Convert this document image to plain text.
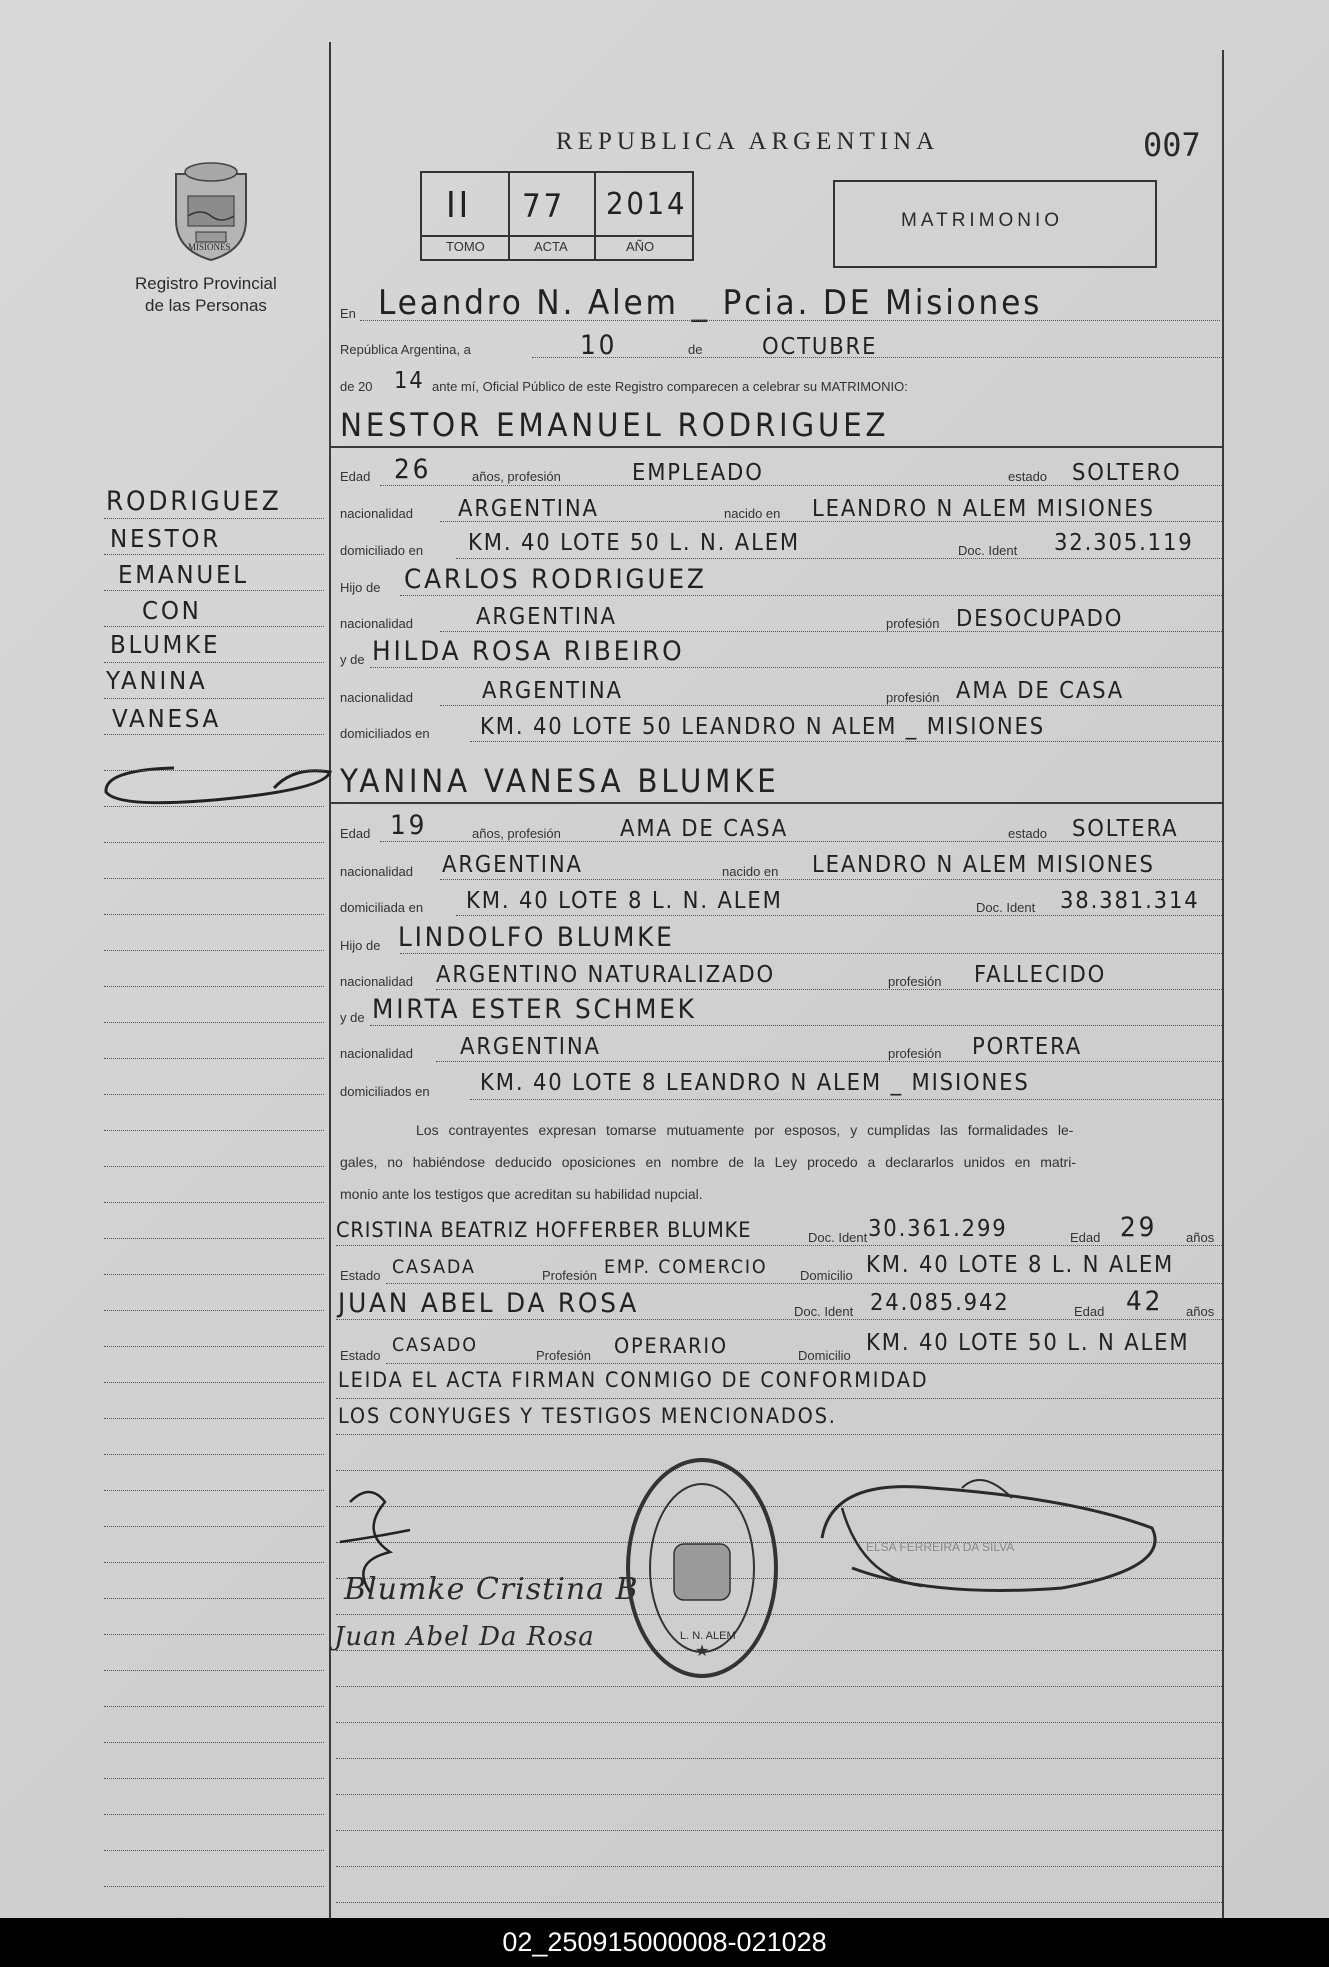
REPUBLICA ARGENTINA	007
MISIONES
Registro Provincial
de las Personas
II 77 2014
TOMO	ACTA	AÑO
MATRIMONIO
En Leandro N. Alem _ Pcia. DE Misiones
República Argentina, a	10	de	OCTUBRE
de 20 14 ante mí, Oficial Público de este Registro comparecen a celebrar su MATRIMONIO:
NESTOR EMANUEL RODRIGUEZ
Edad 26	años, profesión	EMPLEADO	estado SOLTERO
nacionalidad ARGENTINA	nacido en LEANDRO N ALEM MISIONES
domiciliado en KM. 40 LOTE 50 L. N. ALEM	Doc. Ident 32.305.119
Hijo de CARLOS RODRIGUEZ
nacionalidad	ARGENTINA	profesión DESOCUPADO
y de HILDA ROSA RIBEIRO
nacionalidad	ARGENTINA	profesión AMA DE CASA
domiciliados en KM. 40 LOTE 50 LEANDRO N ALEM _ MISIONES
YANINA VANESA BLUMKE
Edad 19	años, profesión	AMA DE CASA	estado SOLTERA
nacionalidad ARGENTINA	nacido en LEANDRO N ALEM MISIONES
domiciliada en KM. 40 LOTE 8 L. N. ALEM	Doc. Ident 38.381.314
Hijo de LINDOLFO BLUMKE
nacionalidad ARGENTINO NATURALIZADO	profesión FALLECIDO
y de MIRTA ESTER SCHMEK
nacionalidad ARGENTINA	profesión PORTERA
domiciliados en KM. 40 LOTE 8 LEANDRO N ALEM _ MISIONES
Los contrayentes expresan tomarse mutuamente por esposos, y cumplidas las formalidades le-
gales, no habiéndose deducido oposiciones en nombre de la Ley procedo a declararlos unidos en matri-
monio ante los testigos que acreditan su habilidad nupcial.
CRISTINA BEATRIZ HOFFERBER BLUMKE	Doc. Ident 30.361.299	Edad 29 años
Estado CASADA	Profesión EMP. COMERCIO	Domicilio KM. 40 LOTE 8 L. N ALEM
JUAN ABEL DA ROSA	Doc. Ident 24.085.942	Edad 42 años
Estado CASADO	Profesión OPERARIO	Domicilio KM. 40 LOTE 50 L. N ALEM
LEIDA EL ACTA FIRMAN CONMIGO DE CONFORMIDAD
LOS CONYUGES Y TESTIGOS MENCIONADOS.
Blumke Cristina B
Juan Abel Da Rosa	★
L. N. ALEM
ELSA FERREIRA DA SILVA
RODRIGUEZ
NESTOR
EMANUEL
CON
BLUMKE
YANINA
VANESA
02_250915000008-021028
